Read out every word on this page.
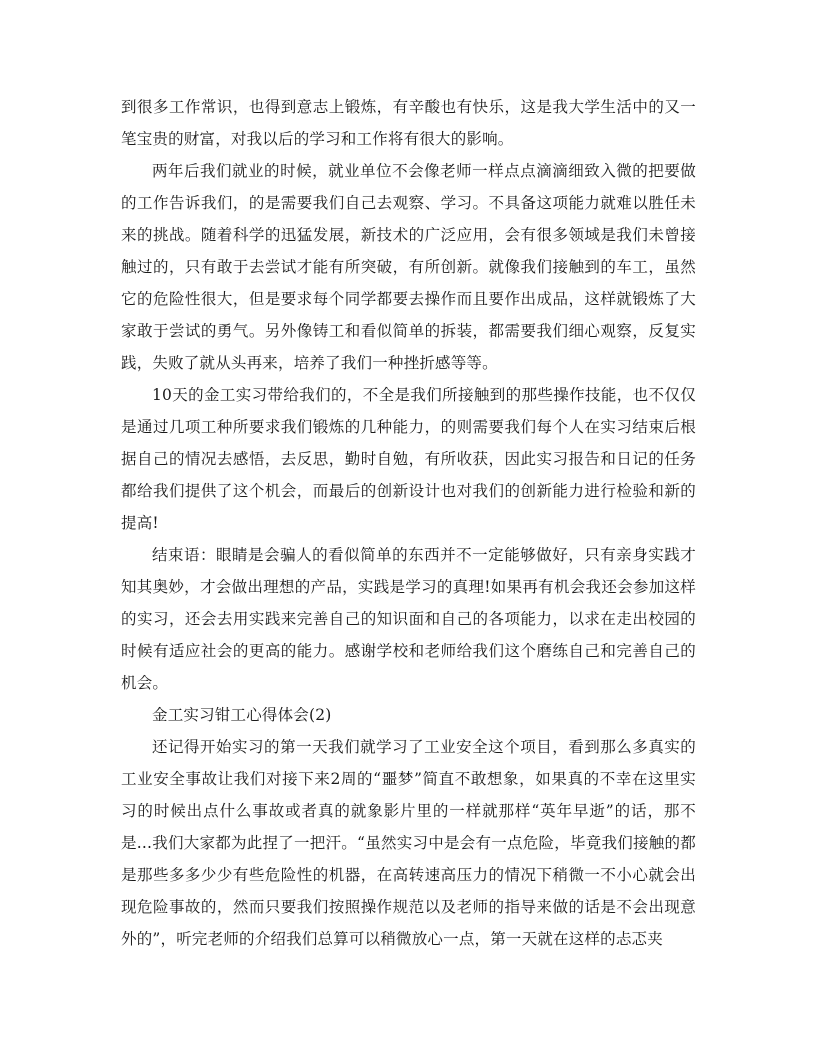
到很多工作常识，也得到意志上锻炼，有辛酸也有快乐，这是我大学生活中的又一笔宝贵的财富，对我以后的学习和工作将有很大的影响。

两年后我们就业的时候，就业单位不会像老师一样点点滴滴细致入微的把要做的工作告诉我们，的是需要我们自己去观察、学习。不具备这项能力就难以胜任未来的挑战。随着科学的迅猛发展，新技术的广泛应用，会有很多领域是我们未曾接触过的，只有敢于去尝试才能有所突破，有所创新。就像我们接触到的车工，虽然它的危险性很大，但是要求每个同学都要去操作而且要作出成品，这样就锻炼了大家敢于尝试的勇气。另外像铸工和看似简单的拆装，都需要我们细心观察，反复实践，失败了就从头再来，培养了我们一种挫折感等等。

10天的金工实习带给我们的，不全是我们所接触到的那些操作技能，也不仅仅是通过几项工种所要求我们锻炼的几种能力，的则需要我们每个人在实习结束后根据自己的情况去感悟，去反思，勤时自勉，有所收获，因此实习报告和日记的任务都给我们提供了这个机会，而最后的创新设计也对我们的创新能力进行检验和新的提高!

结束语：眼睛是会骗人的看似简单的东西并不一定能够做好，只有亲身实践才知其奥妙，才会做出理想的产品，实践是学习的真理!如果再有机会我还会参加这样的实习，还会去用实践来完善自己的知识面和自己的各项能力，以求在走出校园的时候有适应社会的更高的能力。感谢学校和老师给我们这个磨练自己和完善自己的机会。

金工实习钳工心得体会(2)

还记得开始实习的第一天我们就学习了工业安全这个项目，看到那么多真实的工业安全事故让我们对接下来2周的“噩梦”简直不敢想象，如果真的不幸在这里实习的时候出点什么事故或者真的就象影片里的一样就那样“英年早逝”的话，那不是...我们大家都为此捏了一把汗。“虽然实习中是会有一点危险，毕竟我们接触的都是那些多多少少有些危险性的机器，在高转速高压力的情况下稍微一不小心就会出现危险事故的，然而只要我们按照操作规范以及老师的指导来做的话是不会出现意外的”，听完老师的介绍我们总算可以稍微放心一点，第一天就在这样的忐忑夹
